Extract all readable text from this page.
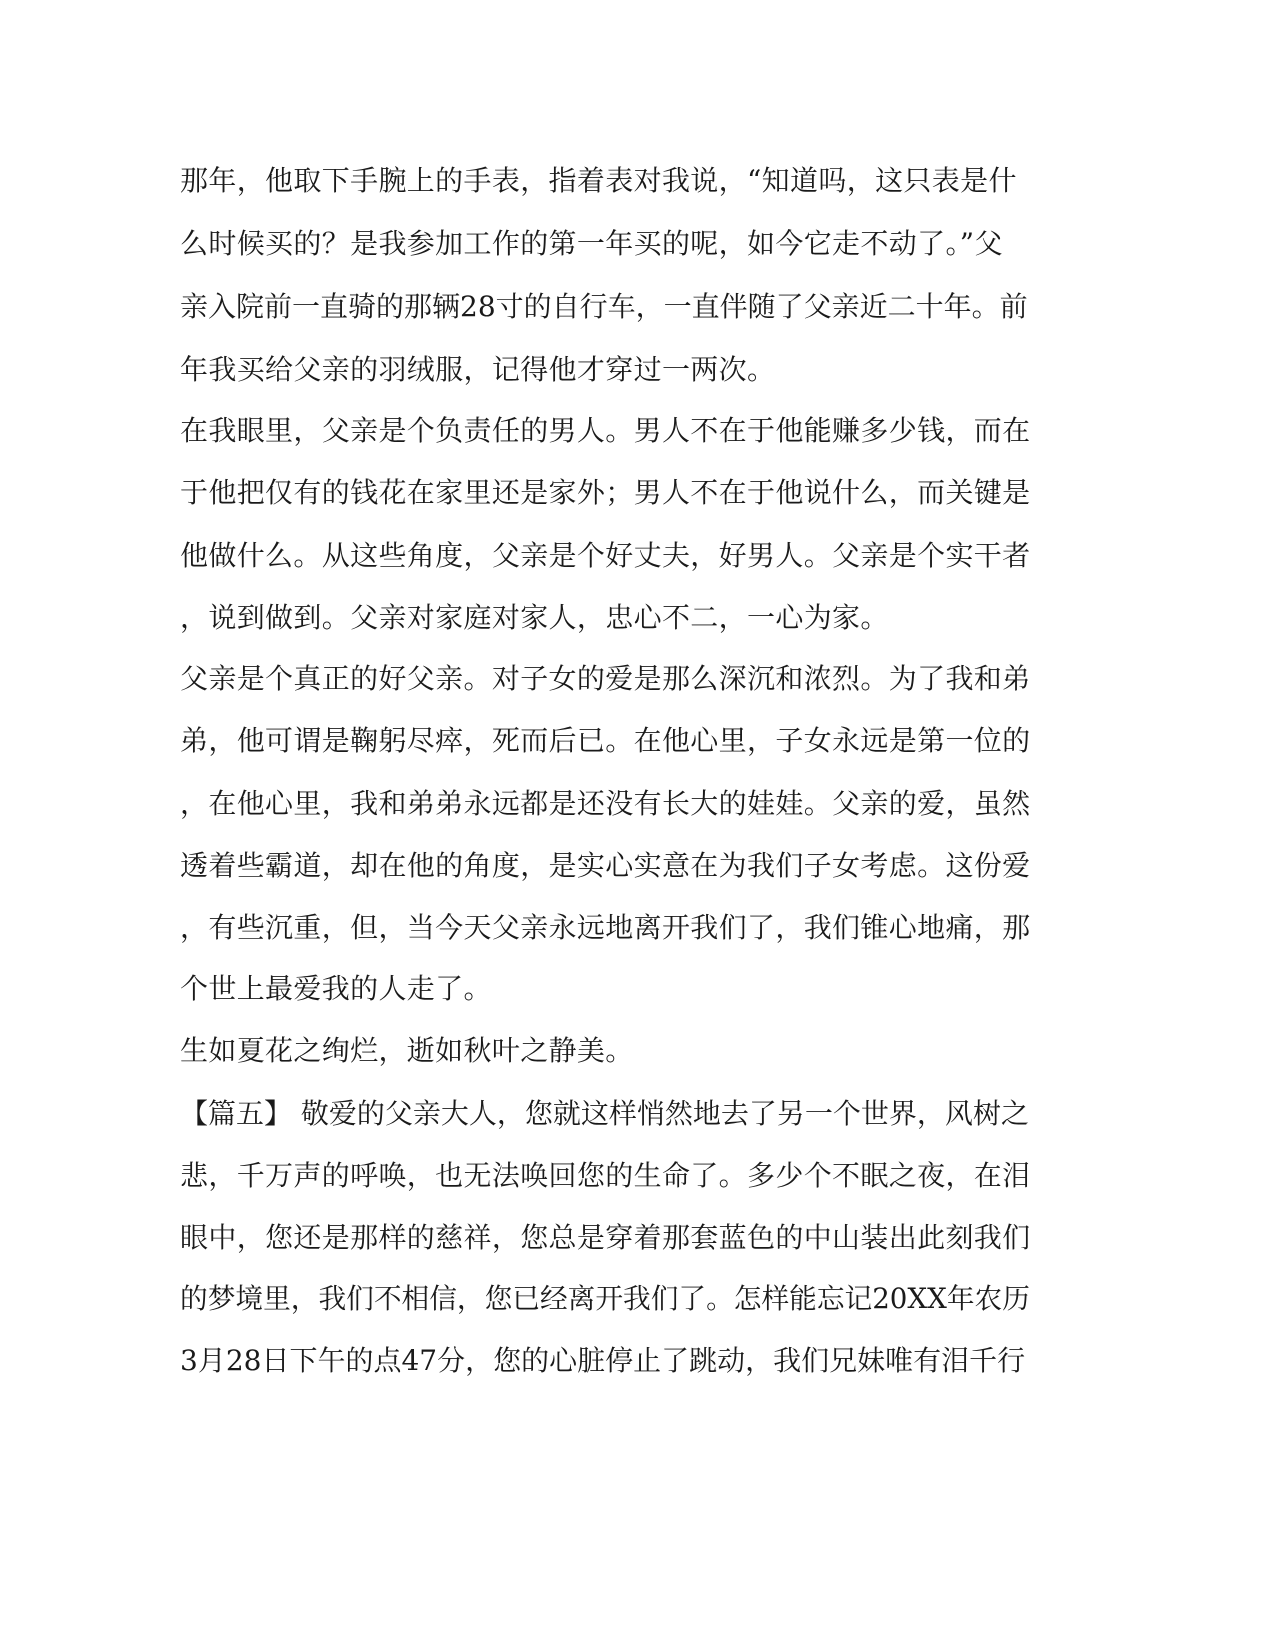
那年，他取下手腕上的手表，指着表对我说，“知道吗，这只表是什
么时候买的？是我参加工作的第一年买的呢，如今它走不动了。”父
亲入院前一直骑的那辆28寸的自行车，一直伴随了父亲近二十年。前
年我买给父亲的羽绒服，记得他才穿过一两次。
在我眼里，父亲是个负责任的男人。男人不在于他能赚多少钱，而在
于他把仅有的钱花在家里还是家外；男人不在于他说什么，而关键是
他做什么。从这些角度，父亲是个好丈夫，好男人。父亲是个实干者
，说到做到。父亲对家庭对家人，忠心不二，一心为家。
父亲是个真正的好父亲。对子女的爱是那么深沉和浓烈。为了我和弟
弟，他可谓是鞠躬尽瘁，死而后已。在他心里，子女永远是第一位的
，在他心里，我和弟弟永远都是还没有长大的娃娃。父亲的爱，虽然
透着些霸道，却在他的角度，是实心实意在为我们子女考虑。这份爱
，有些沉重，但，当今天父亲永远地离开我们了，我们锥心地痛，那
个世上最爱我的人走了。
生如夏花之绚烂，逝如秋叶之静美。
【篇五】 敬爱的父亲大人，您就这样悄然地去了另一个世界，风树之
悲，千万声的呼唤，也无法唤回您的生命了。多少个不眠之夜，在泪
眼中，您还是那样的慈祥，您总是穿着那套蓝色的中山装出此刻我们
的梦境里，我们不相信，您已经离开我们了。怎样能忘记20XX年农历
3月28日下午的点47分，您的心脏停止了跳动，我们兄妹唯有泪千行
